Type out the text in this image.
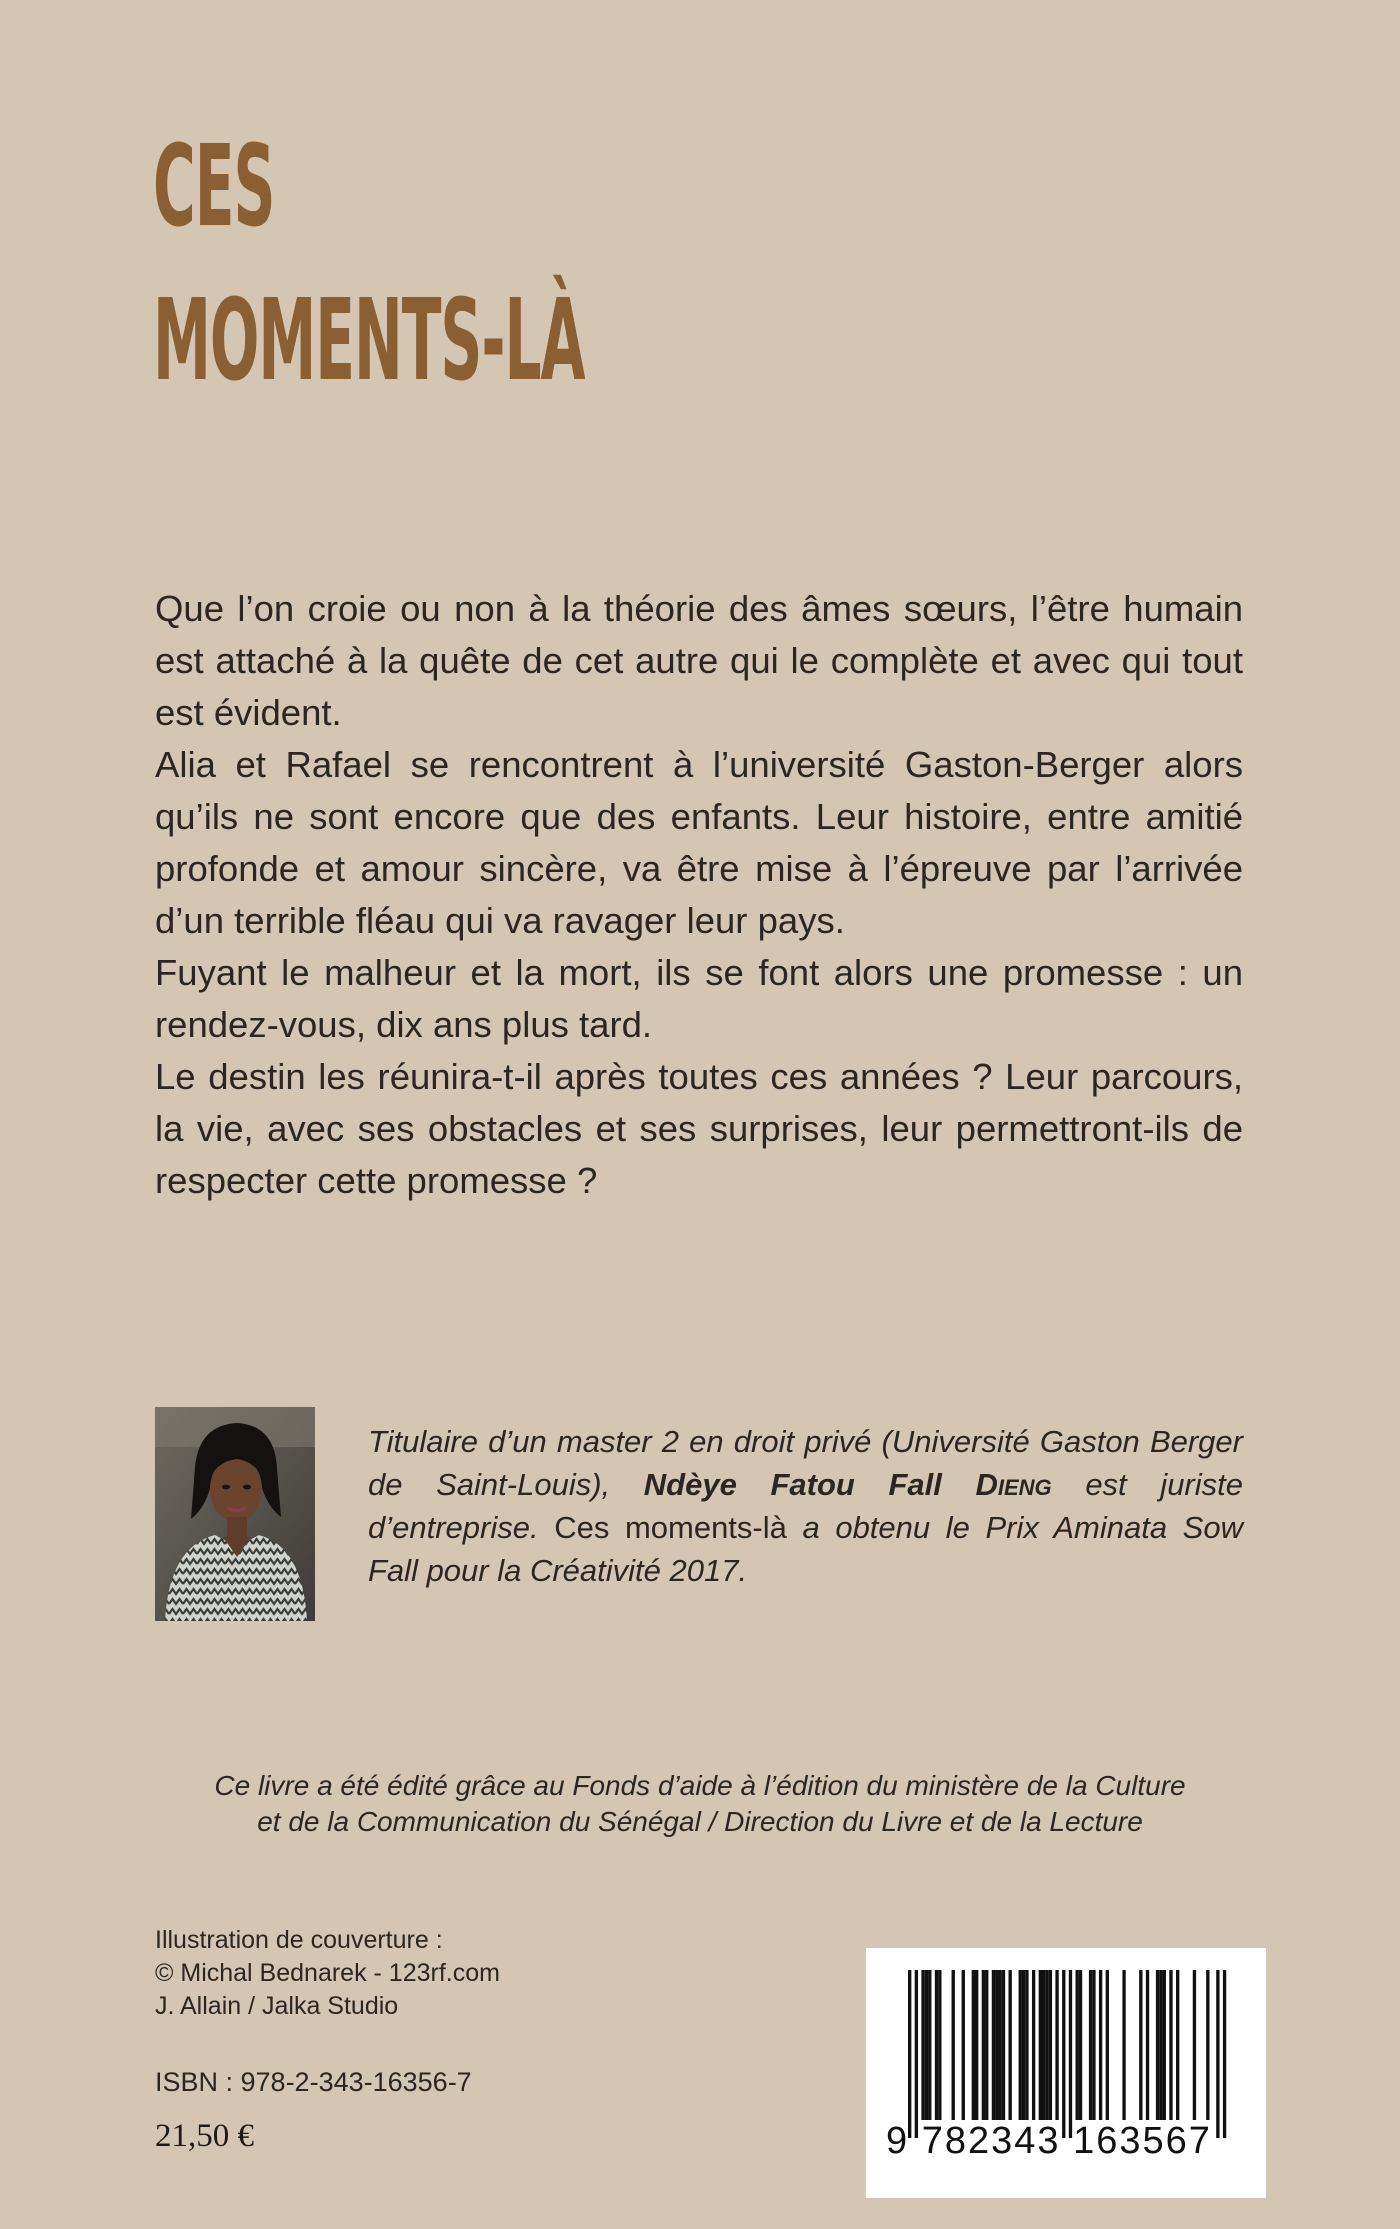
CES
MOMENTS-LÀ

Que l’on croie ou non à la théorie des âmes sœurs, l’être humain est attaché à la quête de cet autre qui le complète et avec qui tout est évident.

Alia et Rafael se rencontrent à l’université Gaston-Berger alors qu’ils ne sont encore que des enfants. Leur histoire, entre amitié profonde et amour sincère, va être mise à l’épreuve par l’arrivée d’un terrible fléau qui va ravager leur pays.

Fuyant le malheur et la mort, ils se font alors une promesse : un rendez-vous, dix ans plus tard.

Le destin les réunira-t-il après toutes ces années ? Leur parcours, la vie, avec ses obstacles et ses surprises, leur permettront-ils de respecter cette promesse ?

Titulaire d’un master 2 en droit privé (Université Gaston Berger de Saint-Louis), Ndèye Fatou Fall Dieng est juriste d’entreprise. Ces moments-là a obtenu le Prix Aminata Sow Fall pour la Créativité 2017.
Ce livre a été édité grâce au Fonds d’aide à l’édition du ministère de la Culture
et de la Communication du Sénégal / Direction du Livre et de la Lecture
Illustration de couverture :
© Michal Bednarek - 123rf.com
J. Allain / Jalka Studio
ISBN : 978-2-343-16356-7
21,50 €	9 782343 163567
